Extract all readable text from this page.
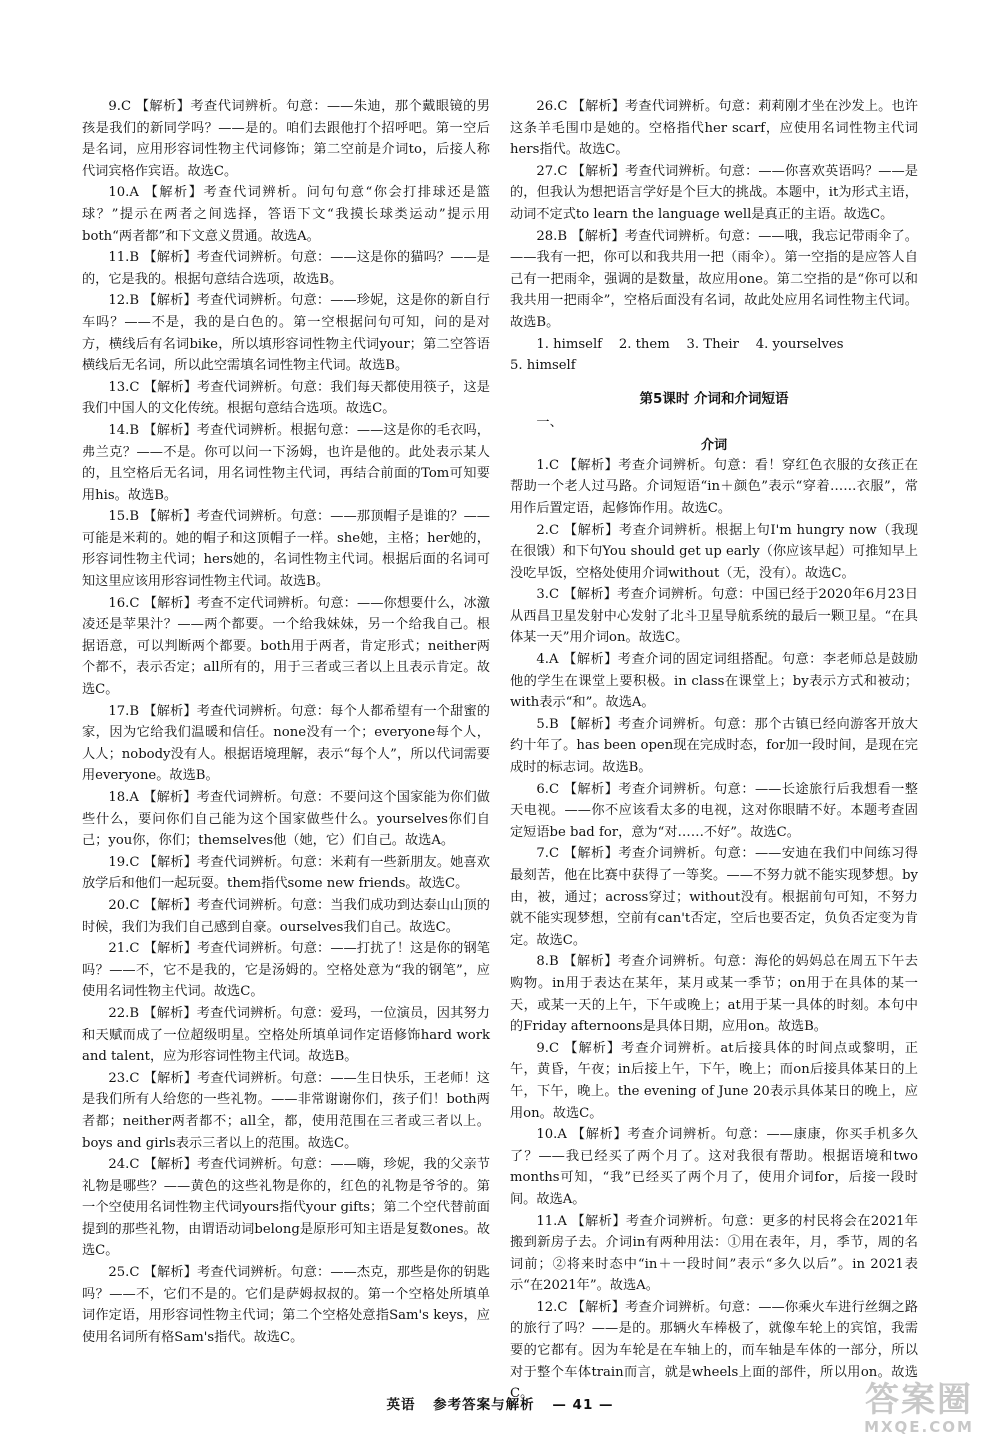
9.C 【解析】考查代词辨析。句意：——朱迪，那个戴眼镜的男孩是我们的新同学吗？——是的。咱们去跟他打个招呼吧。第一空后是名词，应用形容词性物主代词修饰；第二空前是介词to，后接人称代词宾格作宾语。故选C。

10.A 【解析】考查代词辨析。问句句意“你会打排球还是篮球？”提示在两者之间选择，答语下文“我摸长球类运动”提示用both“两者都”和下文意义贯通。故选A。

11.B 【解析】考查代词辨析。句意：——这是你的猫吗？——是的，它是我的。根据句意结合选项，故选B。

12.B 【解析】考查代词辨析。句意：——珍妮，这是你的新自行车吗？——不是，我的是白色的。第一空根据问句可知，问的是对方，横线后有名词bike，所以填形容词性物主代词your；第二空答语横线后无名词，所以此空需填名词性物主代词。故选B。

13.C 【解析】考查代词辨析。句意：我们每天都使用筷子，这是我们中国人的文化传统。根据句意结合选项。故选C。

14.B 【解析】考查代词辨析。根据句意：——这是你的毛衣吗，弗兰克？——不是。你可以问一下汤姆，也许是他的。此处表示某人的，且空格后无名词，用名词性物主代词，再结合前面的Tom可知要用his。故选B。

15.B 【解析】考查代词辨析。句意：——那顶帽子是谁的？——可能是米莉的。她的帽子和这顶帽子一样。she她，主格；her她的，形容词性物主代词；hers她的，名词性物主代词。根据后面的名词可知这里应该用形容词性物主代词。故选B。

16.C 【解析】考查不定代词辨析。句意：——你想要什么，冰激凌还是苹果汁？——两个都要。一个给我妹妹，另一个给我自己。根据语意，可以判断两个都要。both用于两者，肯定形式；neither两个都不，表示否定；all所有的，用于三者或三者以上且表示肯定。故选C。

17.B 【解析】考查代词辨析。句意：每个人都希望有一个甜蜜的家，因为它给我们温暖和信任。none没有一个；everyone每个人，人人；nobody没有人。根据语境理解，表示“每个人”，所以代词需要用everyone。故选B。

18.A 【解析】考查代词辨析。句意：不要问这个国家能为你们做些什么，要问你们自己能为这个国家做些什么。yourselves你们自己；you你，你们；themselves他（她，它）们自己。故选A。

19.C 【解析】考查代词辨析。句意：米莉有一些新朋友。她喜欢放学后和他们一起玩耍。them指代some new friends。故选C。

20.C 【解析】考查代词辨析。句意：当我们成功到达泰山山顶的时候，我们为我们自己感到自豪。ourselves我们自己。故选C。

21.C 【解析】考查代词辨析。句意：——打扰了！这是你的钢笔吗？——不，它不是我的，它是汤姆的。空格处意为“我的钢笔”，应使用名词性物主代词。故选C。

22.B 【解析】考查代词辨析。句意：爱玛，一位演员，因其努力和天赋而成了一位超级明星。空格处所填单词作定语修饰hard work and talent，应为形容词性物主代词。故选B。

23.C 【解析】考查代词辨析。句意：——生日快乐，王老师！这是我们所有人给您的一些礼物。——非常谢谢你们，孩子们！both两者都；neither两者都不；all全，都，使用范围在三者或三者以上。boys and girls表示三者以上的范围。故选C。

24.C 【解析】考查代词辨析。句意：——嗨，珍妮，我的父亲节礼物是哪些？——黄色的这些礼物是你的，红色的礼物是爷爷的。第一个空使用名词性物主代词yours指代your gifts；第二个空代替前面提到的那些礼物，由谓语动词belong是原形可知主语是复数ones。故选C。

25.C 【解析】考查代词辨析。句意：——杰克，那些是你的钥匙吗？——不，它们不是的。它们是萨姆叔叔的。第一个空格处所填单词作定语，用形容词性物主代词；第二个空格处意指Sam's keys，应使用名词所有格Sam's指代。故选C。

26.C 【解析】考查代词辨析。句意：莉莉刚才坐在沙发上。也许这条羊毛围巾是她的。空格指代her scarf，应使用名词性物主代词hers指代。故选C。

27.C 【解析】考查代词辨析。句意：——你喜欢英语吗？——是的，但我认为想把语言学好是个巨大的挑战。本题中，it为形式主语，动词不定式to learn the language well是真正的主语。故选C。

28.B 【解析】考查代词辨析。句意：——哦，我忘记带雨伞了。——我有一把，你可以和我共用一把（雨伞）。第一空指的是应答人自己有一把雨伞，强调的是数量，故应用one。第二空指的是“你可以和我共用一把雨伞”，空格后面没有名词，故此处应用名词性物主代词。故选B。

1. himself 2. them 3. Their 4. yourselves
5. himself

第5课时 介词和介词短语
一、
介词

1.C 【解析】考查介词辨析。句意：看！穿红色衣服的女孩正在帮助一个老人过马路。介词短语“in＋颜色”表示“穿着……衣服”，常用作后置定语，起修饰作用。故选C。

2.C 【解析】考查介词辨析。根据上句I'm hungry now（我现在很饿）和下句You should get up early（你应该早起）可推知早上没吃早饭，空格处使用介词without（无，没有）。故选C。

3.C 【解析】考查介词辨析。句意：中国已经于2020年6月23日从西昌卫星发射中心发射了北斗卫星导航系统的最后一颗卫星。“在具体某一天”用介词on。故选C。

4.A 【解析】考查介词的固定词组搭配。句意：李老师总是鼓励他的学生在课堂上要积极。in class在课堂上；by表示方式和被动；with表示“和”。故选A。

5.B 【解析】考查介词辨析。句意：那个古镇已经向游客开放大约十年了。has been open现在完成时态，for加一段时间，是现在完成时的标志词。故选B。

6.C 【解析】考查介词辨析。句意：——长途旅行后我想看一整天电视。——你不应该看太多的电视，这对你眼睛不好。本题考查固定短语be bad for，意为“对……不好”。故选C。

7.C 【解析】考查介词辨析。句意：——安迪在我们中间练习得最刻苦，他在比赛中获得了一等奖。——不努力就不能实现梦想。by由，被，通过；across穿过；without没有。根据前句可知，不努力就不能实现梦想，空前有can't否定，空后也要否定，负负否定变为肯定。故选C。

8.B 【解析】考查介词辨析。句意：海伦的妈妈总在周五下午去购物。in用于表达在某年，某月或某一季节；on用于在具体的某一天，或某一天的上午，下午或晚上；at用于某一具体的时刻。本句中的Friday afternoons是具体日期，应用on。故选B。

9.C 【解析】考查介词辨析。at后接具体的时间点或黎明，正午，黄昏，午夜；in后接上午，下午，晚上；而on后接具体某日的上午，下午，晚上。the evening of June 20表示具体某日的晚上，应用on。故选C。

10.A 【解析】考查介词辨析。句意：——康康，你买手机多久了？——我已经买了两个月了。这对我很有帮助。根据语境和two months可知，“我”已经买了两个月了，使用介词for，后接一段时间。故选A。

11.A 【解析】考查介词辨析。句意：更多的村民将会在2021年搬到新房子去。介词in有两种用法：①用在表年，月，季节，周的名词前；②将来时态中“in＋一段时间”表示“多久以后”。in 2021表示“在2021年”。故选A。

12.C 【解析】考查介词辨析。句意：——你乘火车进行丝绸之路的旅行了吗？——是的。那辆火车棒极了，就像车轮上的宾馆，我需要的它都有。因为车轮是在车轴上的，而车轴是车体的一部分，所以对于整个车体train而言，就是wheels上面的部件，所以用on。故选C。

英语 参考答案与解析 — 41 —	答案圈
MXQE.COM
